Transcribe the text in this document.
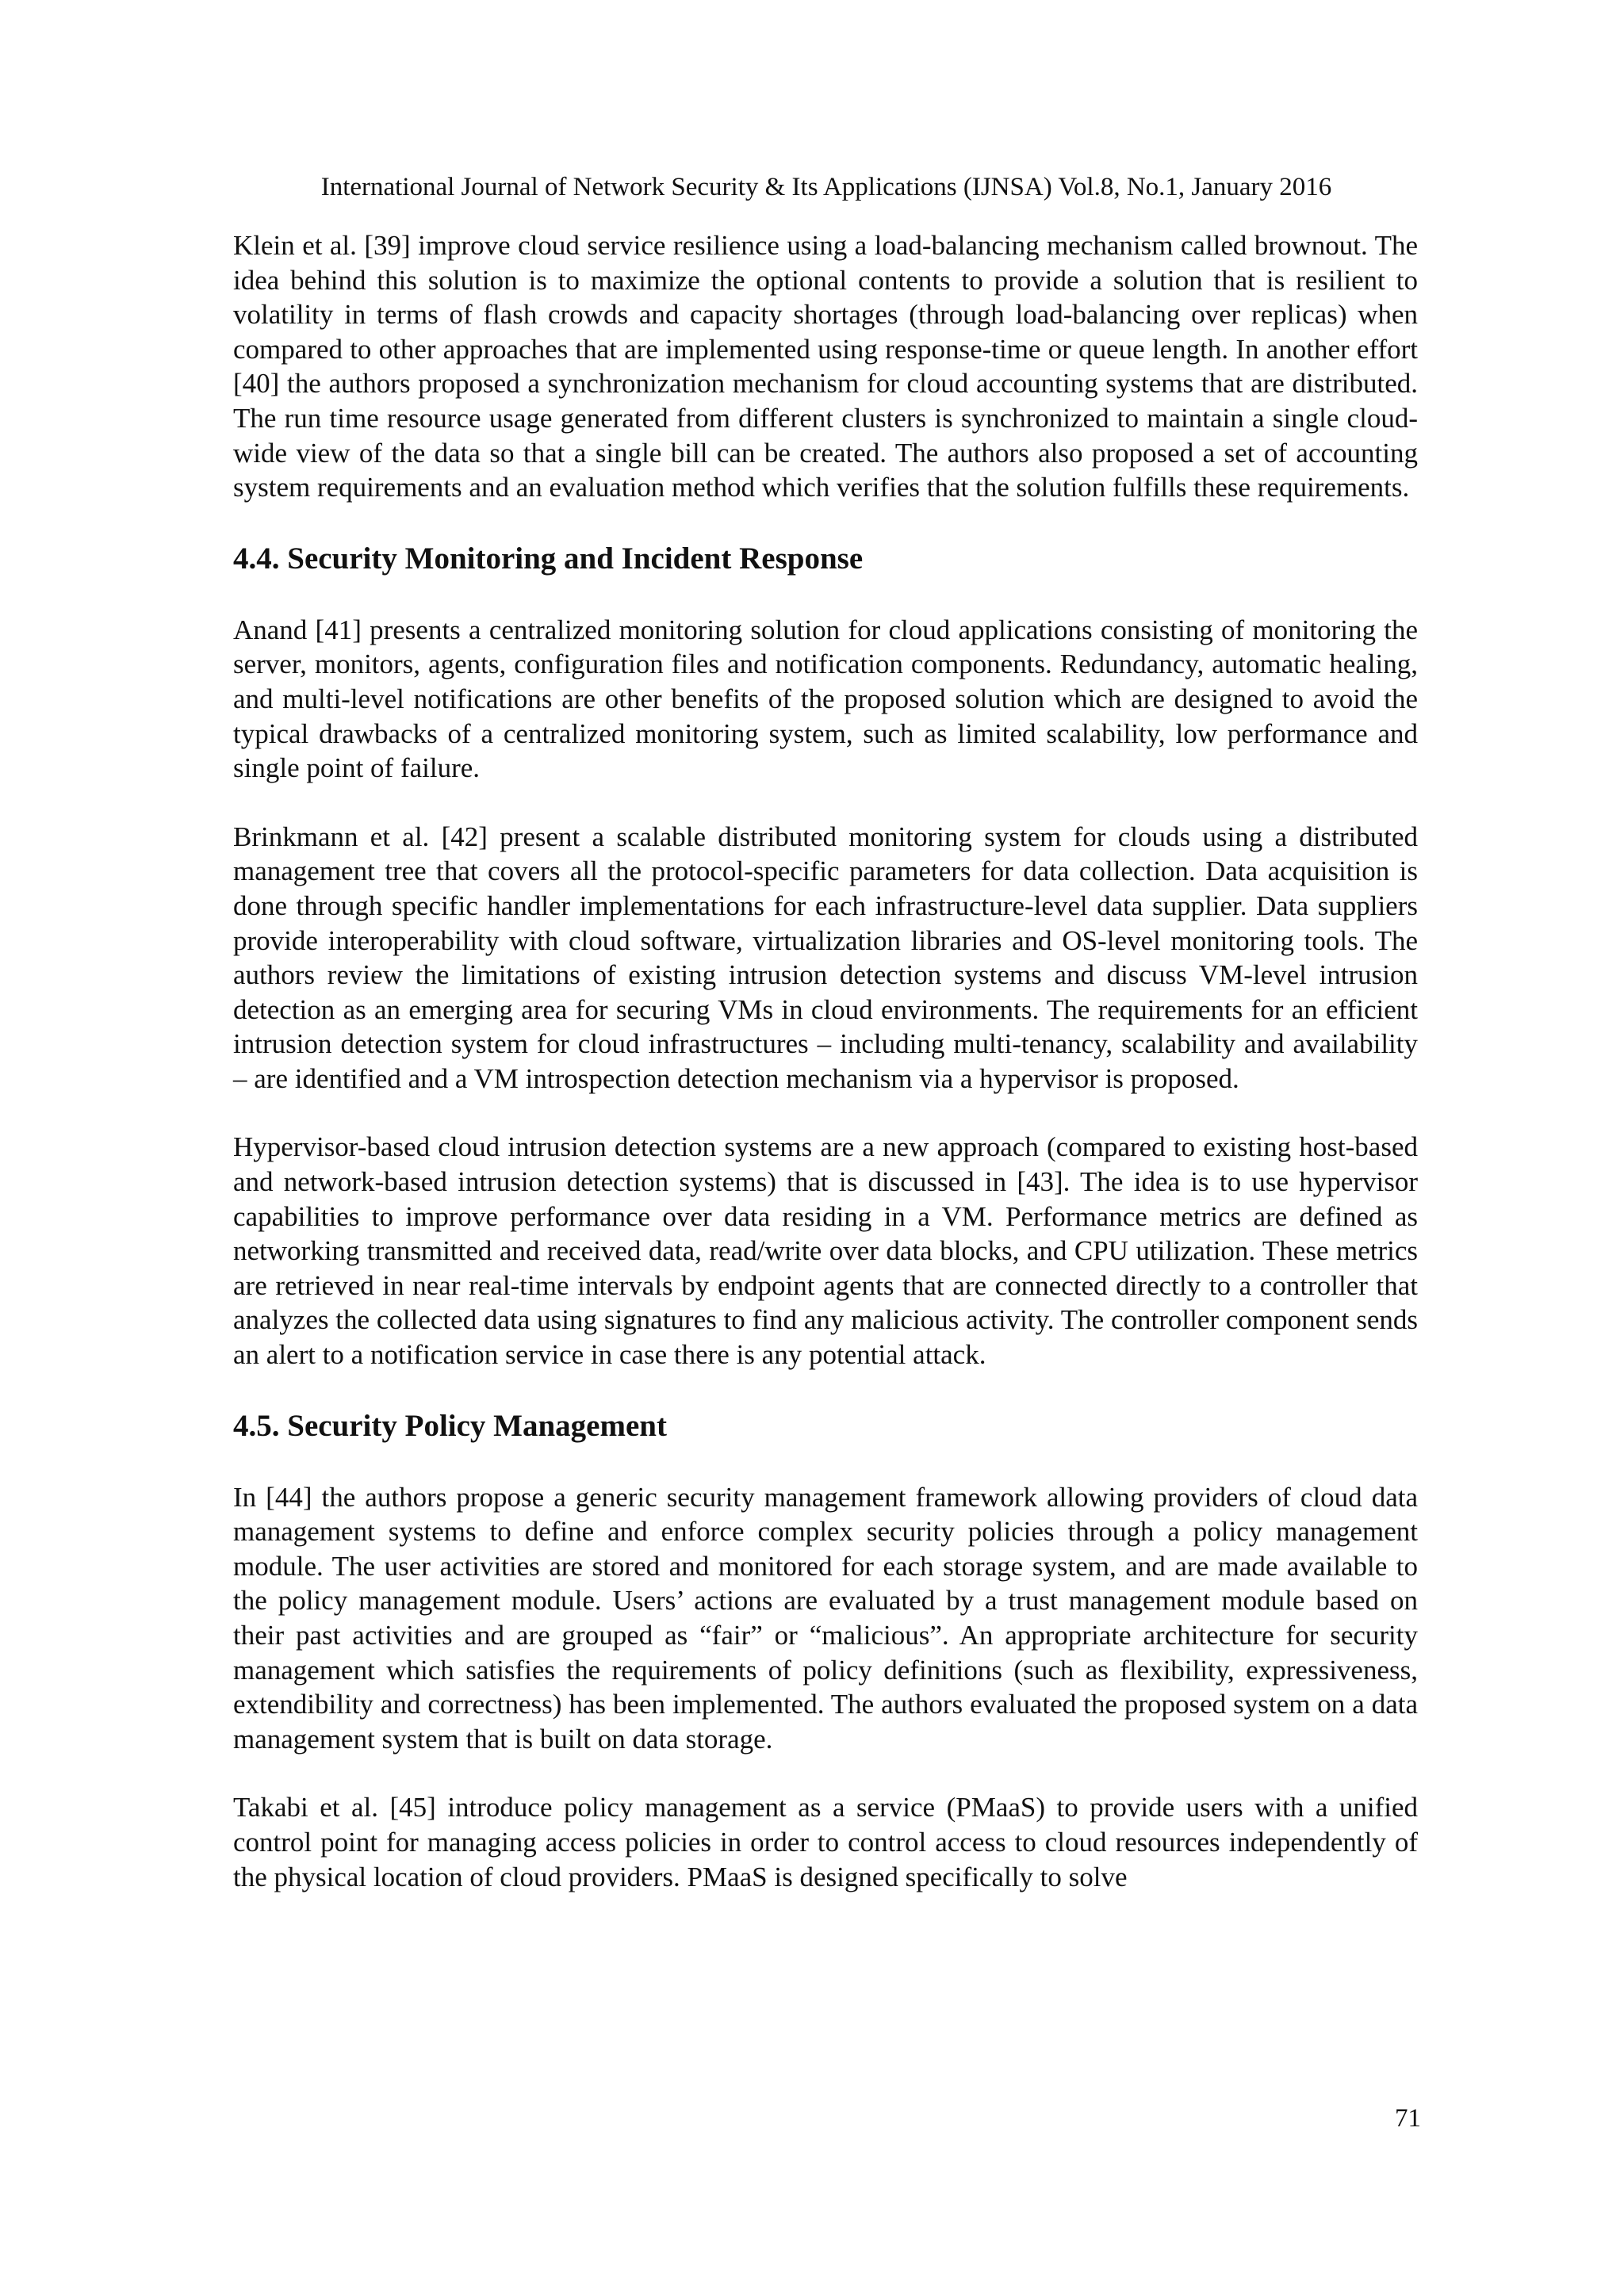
International Journal of Network Security & Its Applications (IJNSA) Vol.8, No.1, January 2016

Klein et al. [39] improve cloud service resilience using a load-balancing mechanism called brownout. The idea behind this solution is to maximize the optional contents to provide a solution that is resilient to volatility in terms of flash crowds and capacity shortages (through load-balancing over replicas) when compared to other approaches that are implemented using response-time or queue length. In another effort [40] the authors proposed a synchronization mechanism for cloud accounting systems that are distributed. The run time resource usage generated from different clusters is synchronized to maintain a single cloud-wide view of the data so that a single bill can be created. The authors also proposed a set of accounting system requirements and an evaluation method which verifies that the solution fulfills these requirements.

4.4. Security Monitoring and Incident Response

Anand [41] presents a centralized monitoring solution for cloud applications consisting of monitoring the server, monitors, agents, configuration files and notification components. Redundancy, automatic healing, and multi-level notifications are other benefits of the proposed solution which are designed to avoid the typical drawbacks of a centralized monitoring system, such as limited scalability, low performance and single point of failure.

Brinkmann et al. [42] present a scalable distributed monitoring system for clouds using a distributed management tree that covers all the protocol-specific parameters for data collection. Data acquisition is done through specific handler implementations for each infrastructure-level data supplier. Data suppliers provide interoperability with cloud software, virtualization libraries and OS-level monitoring tools. The authors review the limitations of existing intrusion detection systems and discuss VM-level intrusion detection as an emerging area for securing VMs in cloud environments. The requirements for an efficient intrusion detection system for cloud infrastructures – including multi-tenancy, scalability and availability – are identified and a VM introspection detection mechanism via a hypervisor is proposed.

Hypervisor-based cloud intrusion detection systems are a new approach (compared to existing host-based and network-based intrusion detection systems) that is discussed in [43]. The idea is to use hypervisor capabilities to improve performance over data residing in a VM. Performance metrics are defined as networking transmitted and received data, read/write over data blocks, and CPU utilization. These metrics are retrieved in near real-time intervals by endpoint agents that are connected directly to a controller that analyzes the collected data using signatures to find any malicious activity. The controller component sends an alert to a notification service in case there is any potential attack.

4.5. Security Policy Management

In [44] the authors propose a generic security management framework allowing providers of cloud data management systems to define and enforce complex security policies through a policy management module. The user activities are stored and monitored for each storage system, and are made available to the policy management module. Users’ actions are evaluated by a trust management module based on their past activities and are grouped as “fair” or “malicious”. An appropriate architecture for security management which satisfies the requirements of policy definitions (such as flexibility, expressiveness, extendibility and correctness) has been implemented. The authors evaluated the proposed system on a data management system that is built on data storage.

Takabi et al. [45] introduce policy management as a service (PMaaS) to provide users with a unified control point for managing access policies in order to control access to cloud resources independently of the physical location of cloud providers. PMaaS is designed specifically to solve

71
